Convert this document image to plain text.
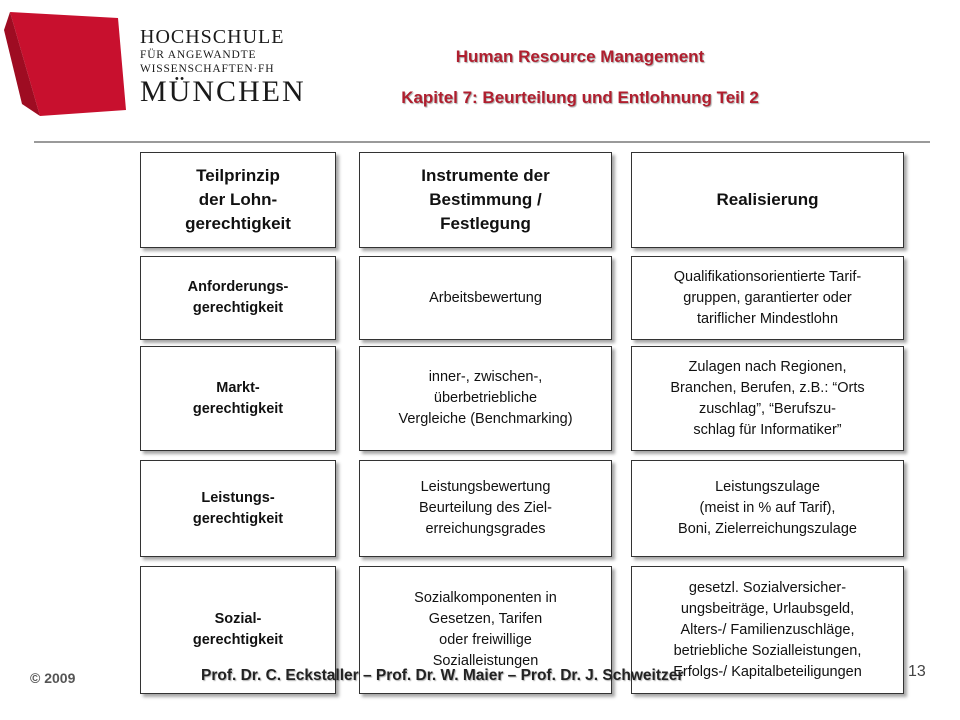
HOCHSCHULE
FÜR ANGEWANDTE
WISSENSCHAFTEN·FH
MÜNCHEN
Human Resource Management
Kapitel 7: Beurteilung und Entlohnung Teil 2
Teilprinzip
der Lohn-
gerechtigkeit
Instrumente der
Bestimmung /
Festlegung
Realisierung
Anforderungs-
gerechtigkeit
Arbeitsbewertung
Qualifikationsorientierte Tarif-
gruppen, garantierter oder
tariflicher Mindestlohn
Markt-
gerechtigkeit
inner-, zwischen-,
überbetriebliche
Vergleiche (Benchmarking)
Zulagen nach Regionen,
Branchen, Berufen, z.B.: “Orts
zuschlag”, “Berufszu-
schlag für Informatiker”
Leistungs-
gerechtigkeit
Leistungsbewertung
Beurteilung des Ziel-
erreichungsgrades
Leistungszulage
(meist in % auf Tarif),
Boni, Zielerreichungszulage
Sozial-
gerechtigkeit
Sozialkomponenten in
Gesetzen, Tarifen
oder freiwillige
Sozialleistungen
gesetzl. Sozialversicher-
ungsbeiträge, Urlaubsgeld,
Alters-/ Familienzuschläge,
betriebliche Sozialleistungen,
Erfolgs-/ Kapitalbeteiligungen
© 2009	Prof. Dr. C. Eckstaller – Prof. Dr. W. Maier – Prof. Dr. J. Schweitzer	13
